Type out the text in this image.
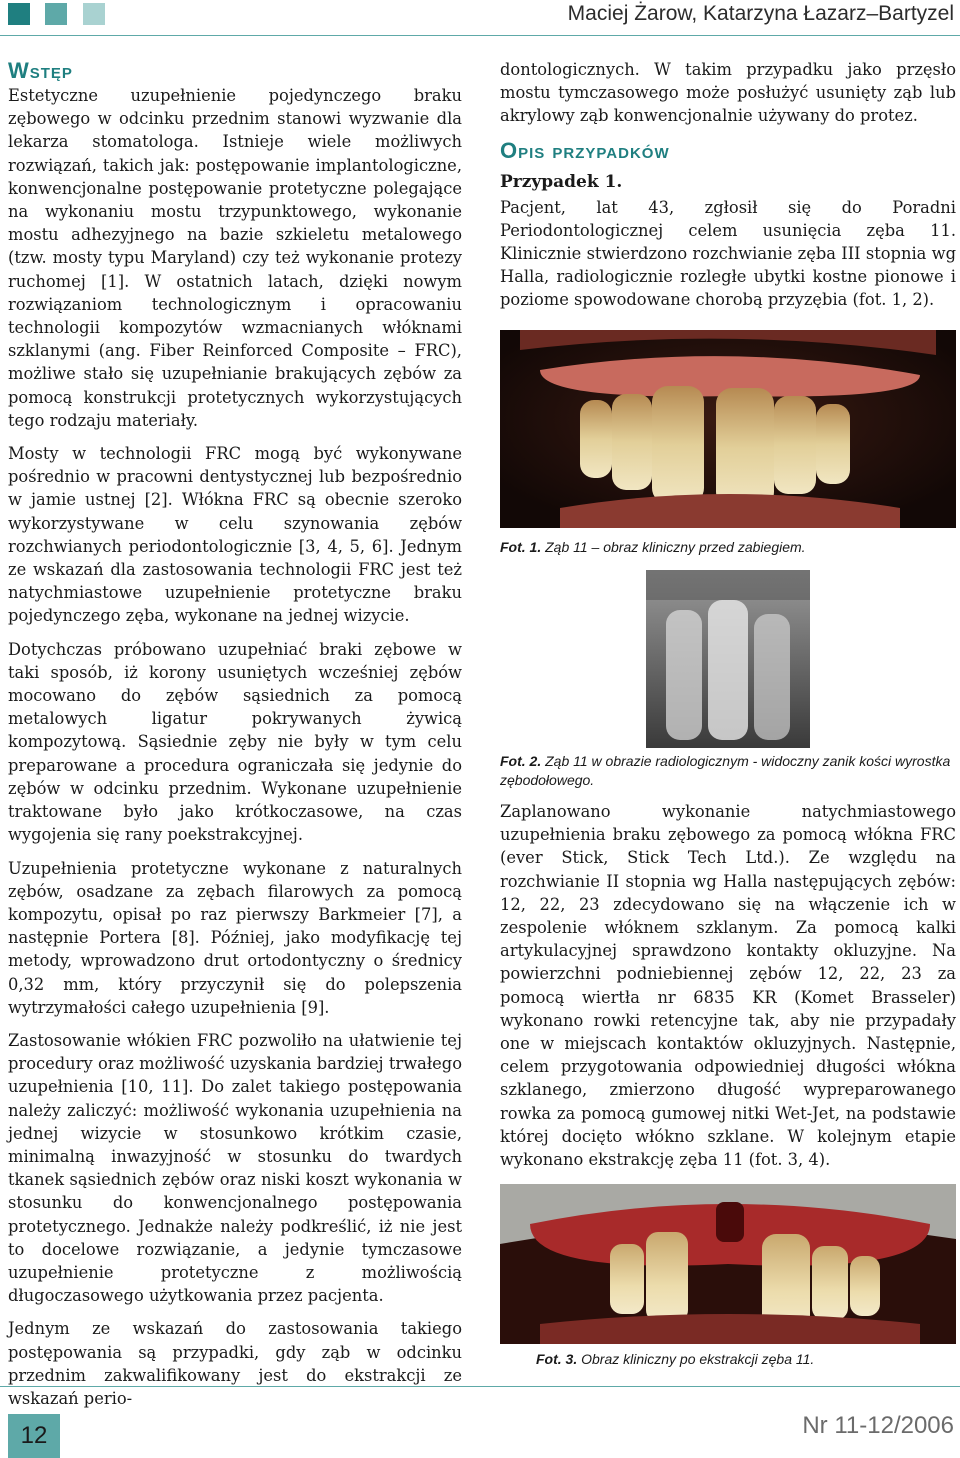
Maciej Żarow, Katarzyna Łazarz–Bartyzel
Wstęp

Estetyczne uzupełnienie pojedynczego braku zębowego w odcinku przednim stanowi wyzwanie dla lekarza stomatologa. Istnieje wiele możliwych rozwiązań, takich jak: postępowanie implantologiczne, konwencjonalne postępowanie protetyczne polegające na wykonaniu mostu trzypunktowego, wykonanie mostu adhezyjnego na bazie szkieletu metalowego (tzw. mosty typu Maryland) czy też wykonanie protezy ruchomej [1]. W ostatnich latach, dzięki nowym rozwiązaniom technologicznym i opracowaniu technologii kompozytów wzmacnianych włóknami szklanymi (ang. Fiber Reinforced Composite – FRC), możliwe stało się uzupełnianie brakujących zębów za pomocą konstrukcji protetycznych wykorzystujących tego rodzaju materiały.

Mosty w technologii FRC mogą być wykonywane pośrednio w pracowni dentystycznej lub bezpośrednio w jamie ustnej [2]. Włókna FRC są obecnie szeroko wykorzystywane w celu szynowania zębów rozchwianych periodontologicznie [3, 4, 5, 6]. Jednym ze wskazań dla zastosowania technologii FRC jest też natychmiastowe uzupełnienie protetyczne braku pojedynczego zęba, wykonane na jednej wizycie.

Dotychczas próbowano uzupełniać braki zębowe w taki sposób, iż korony usuniętych wcześniej zębów mocowano do zębów sąsiednich za pomocą metalowych ligatur pokrywanych żywicą kompozytową. Sąsiednie zęby nie były w tym celu preparowane a procedura ograniczała się jedynie do zębów w odcinku przednim. Wykonane uzupełnienie traktowane było jako krótkoczasowe, na czas wygojenia się rany poekstrakcyjnej.

Uzupełnienia protetyczne wykonane z naturalnych zębów, osadzane za zębach filarowych za pomocą kompozytu, opisał po raz pierwszy Barkmeier [7], a następnie Portera [8]. Później, jako modyfikację tej metody, wprowadzono drut ortodontyczny o średnicy 0,32 mm, który przyczynił się do polepszenia wytrzymałości całego uzupełnienia [9].

Zastosowanie włókien FRC pozwoliło na ułatwienie tej procedury oraz możliwość uzyskania bardziej trwałego uzupełnienia [10, 11]. Do zalet takiego postępowania należy zaliczyć: możliwość wykonania uzupełnienia na jednej wizycie w stosunkowo krótkim czasie, minimalną inwazyjność w stosunku do twardych tkanek sąsiednich zębów oraz niski koszt wykonania w stosunku do konwencjonalnego postępowania protetycznego. Jednakże należy podkreślić, iż nie jest to docelowe rozwiązanie, a jedynie tymczasowe uzupełnienie protetyczne z możliwością długoczasowego użytkowania przez pacjenta.

Jednym ze wskazań do zastosowania takiego postępowania są przypadki, gdy ząb w odcinku przednim zakwalifikowany jest do ekstrakcji ze wskazań perio-

dontologicznych. W takim przypadku jako przęsło mostu tymczasowego może posłużyć usunięty ząb lub akrylowy ząb konwencjonalnie używany do protez.

Opis przypadków
Przypadek 1.

Pacjent, lat 43, zgłosił się do Poradni Periodontologicznej celem usunięcia zęba 11. Klinicznie stwierdzono rozchwianie zęba III stopnia wg Halla, radiologicznie rozległe ubytki kostne pionowe i poziome spowodowane chorobą przyzębia (fot. 1, 2).

Fot. 1. Ząb 11 – obraz kliniczny przed zabiegiem.
Fot. 2. Ząb 11 w obrazie radiologicznym - widoczny zanik kości wyrostka zębodołowego.

Zaplanowano wykonanie natychmiastowego uzupełnienia braku zębowego za pomocą włókna FRC (ever Stick, Stick Tech Ltd.). Ze względu na rozchwianie II stopnia wg Halla następujących zębów: 12, 22, 23 zdecydowano się na włączenie ich w zespolenie włóknem szklanym. Za pomocą kalki artykulacyjnej sprawdzono kontakty okluzyjne. Na powierzchni podniebiennej zębów 12, 22, 23 za pomocą wiertła nr 6835 KR (Komet Brasseler) wykonano rowki retencyjne tak, aby nie przypadały one w miejscach kontaktów okluzyjnych. Następnie, celem przygotowania odpowiedniej długości włókna szklanego, zmierzono długość wypreparowanego rowka za pomocą gumowej nitki Wet-Jet, na podstawie której docięto włókno szklane. W kolejnym etapie wykonano ekstrakcję zęba 11 (fot. 3, 4).

Fot. 3. Obraz kliniczny po ekstrakcji zęba 11.
12	Nr 11-12/2006
